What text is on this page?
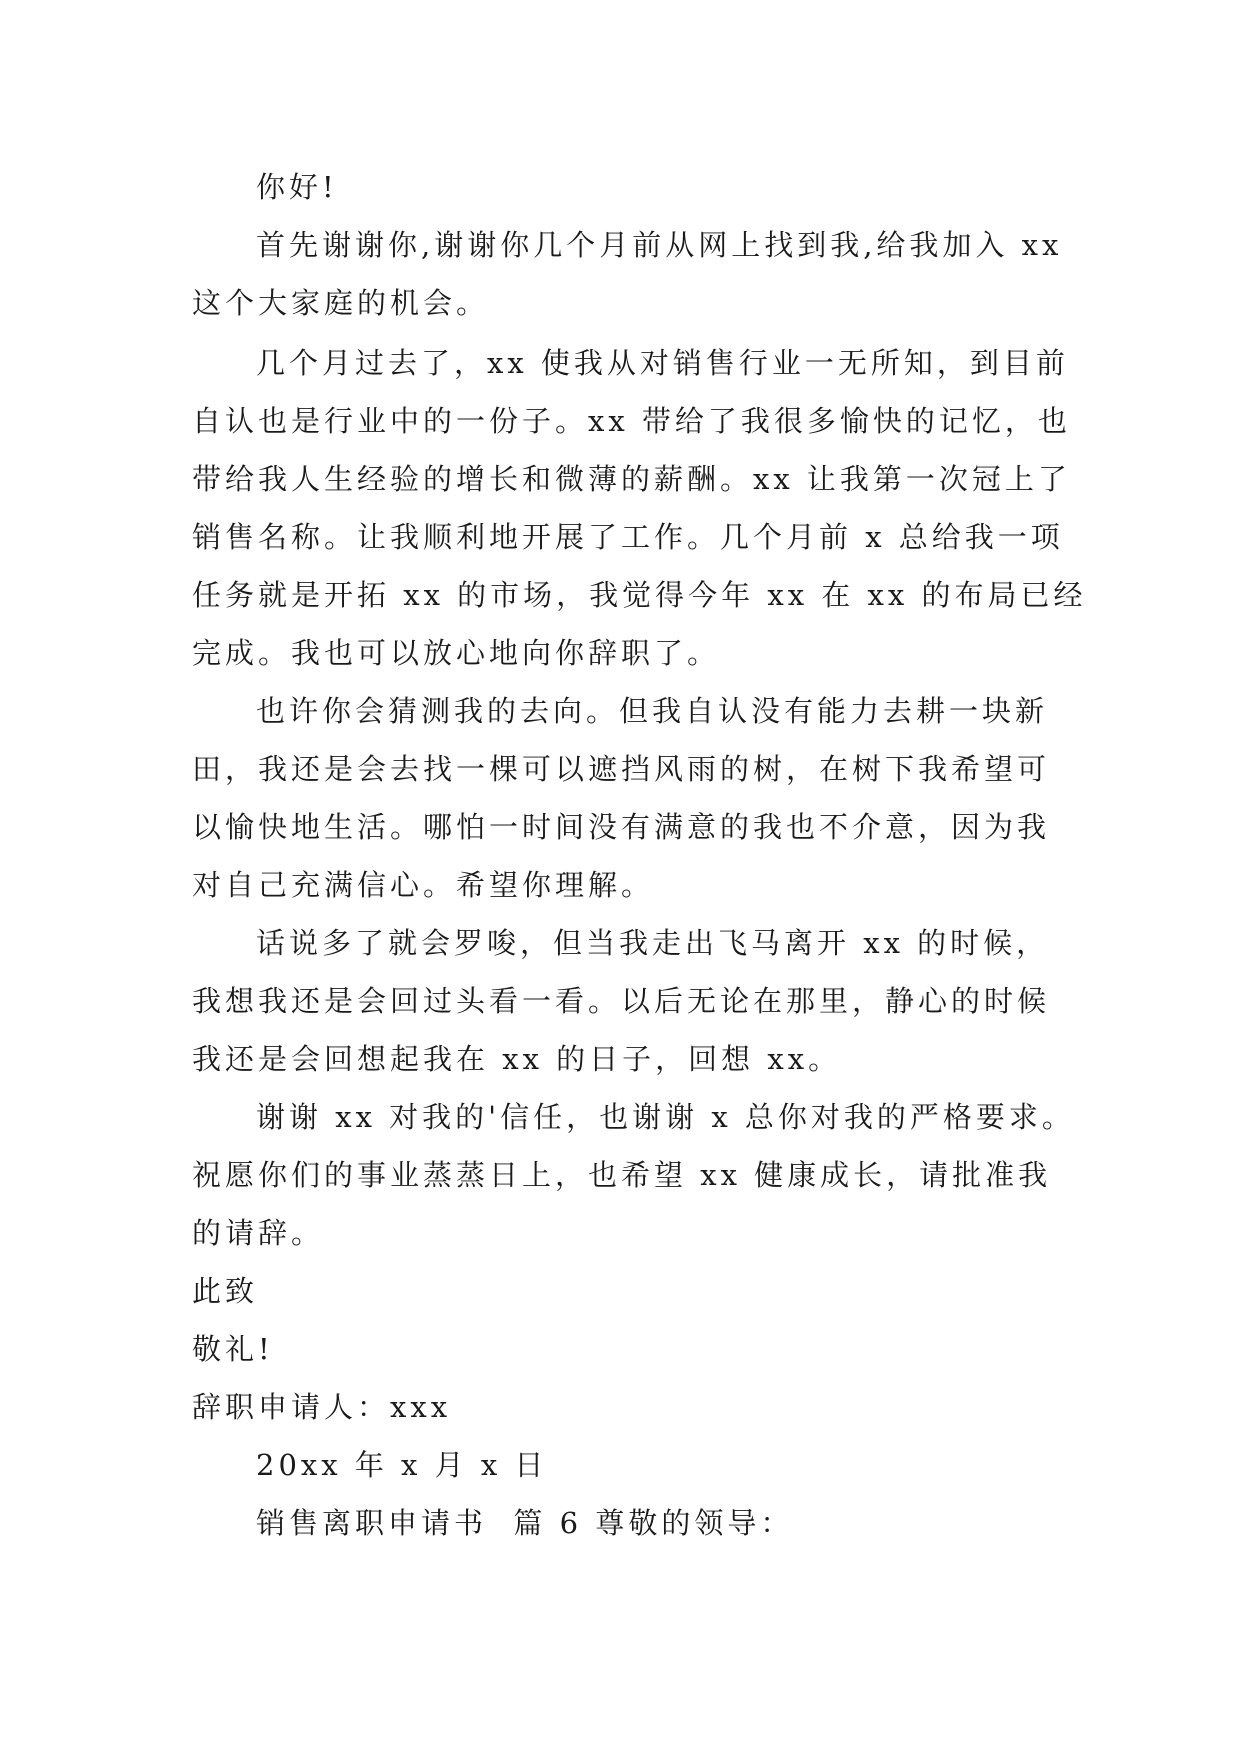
你好!
首先谢谢你,谢谢你几个月前从网上找到我,给我加入 xx
这个大家庭的机会。
几个月过去了，xx 使我从对销售行业一无所知，到目前
自认也是行业中的一份子。xx 带给了我很多愉快的记忆，也
带给我人生经验的增长和微薄的薪酬。xx 让我第一次冠上了
销售名称。让我顺利地开展了工作。几个月前 x 总给我一项
任务就是开拓 xx 的市场，我觉得今年 xx 在 xx 的布局已经
完成。我也可以放心地向你辞职了。
也许你会猜测我的去向。但我自认没有能力去耕一块新
田，我还是会去找一棵可以遮挡风雨的树，在树下我希望可
以愉快地生活。哪怕一时间没有满意的我也不介意，因为我
对自己充满信心。希望你理解。
话说多了就会罗唆，但当我走出飞马离开 xx 的时候，
我想我还是会回过头看一看。以后无论在那里，静心的时候
我还是会回想起我在 xx 的日子，回想 xx。
谢谢 xx 对我的'信任，也谢谢 x 总你对我的严格要求。
祝愿你们的事业蒸蒸日上，也希望 xx 健康成长，请批准我
的请辞。
此致
敬礼!
辞职申请人：xxx
20xx 年 x 月 x 日
销售离职申请书  篇 6 尊敬的领导：
